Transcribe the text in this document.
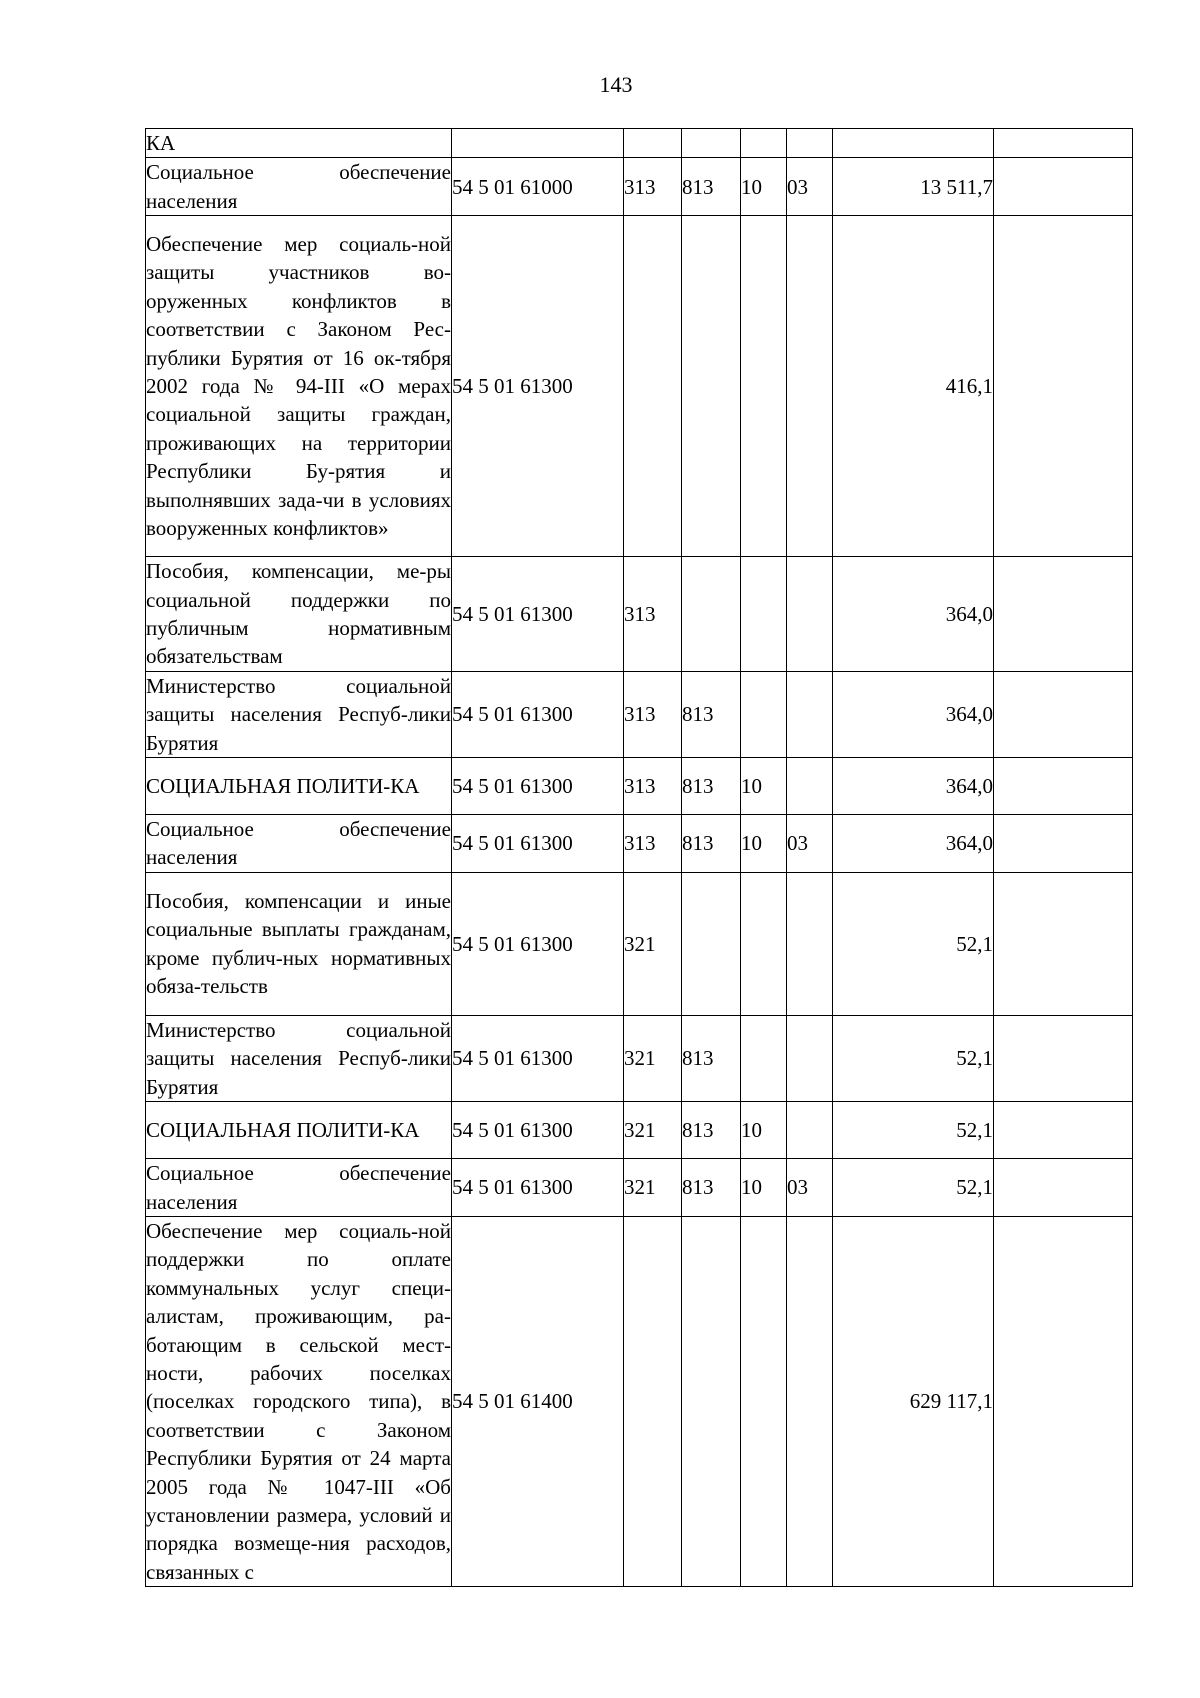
143
КА							
Социальное обеспечение населения	54 5 01 61000	313	813	10	03	13 511,7	
Обеспечение мер социаль-ной защиты участников во-оруженных конфликтов в соответствии с Законом Рес-публики Бурятия от 16 ок-тября 2002 года № 94-III «О мерах социальной защиты граждан, проживающих на территории Республики Бу-рятия и выполнявших зада-чи в условиях вооруженных конфликтов»	54 5 01 61300					416,1	
Пособия, компенсации, ме-ры социальной поддержки по публичным нормативным обязательствам	54 5 01 61300	313				364,0	
Министерство социальной защиты населения Респуб-лики Бурятия	54 5 01 61300	313	813			364,0	
СОЦИАЛЬНАЯ ПОЛИТИ-КА	54 5 01 61300	313	813	10		364,0	
Социальное обеспечение населения	54 5 01 61300	313	813	10	03	364,0	
Пособия, компенсации и иные социальные выплаты гражданам, кроме публич-ных нормативных обяза-тельств	54 5 01 61300	321				52,1	
Министерство социальной защиты населения Респуб-лики Бурятия	54 5 01 61300	321	813			52,1	
СОЦИАЛЬНАЯ ПОЛИТИ-КА	54 5 01 61300	321	813	10		52,1	
Социальное обеспечение населения	54 5 01 61300	321	813	10	03	52,1	
Обеспечение мер социаль-ной поддержки по оплате коммунальных услуг специ-алистам, проживающим, ра-ботающим в сельской мест-ности, рабочих поселках (поселках городского типа), в соответствии с Законом Республики Бурятия от 24 марта 2005 года № 1047-III «Об установлении размера, условий и порядка возмеще-ния расходов, связанных с	54 5 01 61400					629 117,1	
